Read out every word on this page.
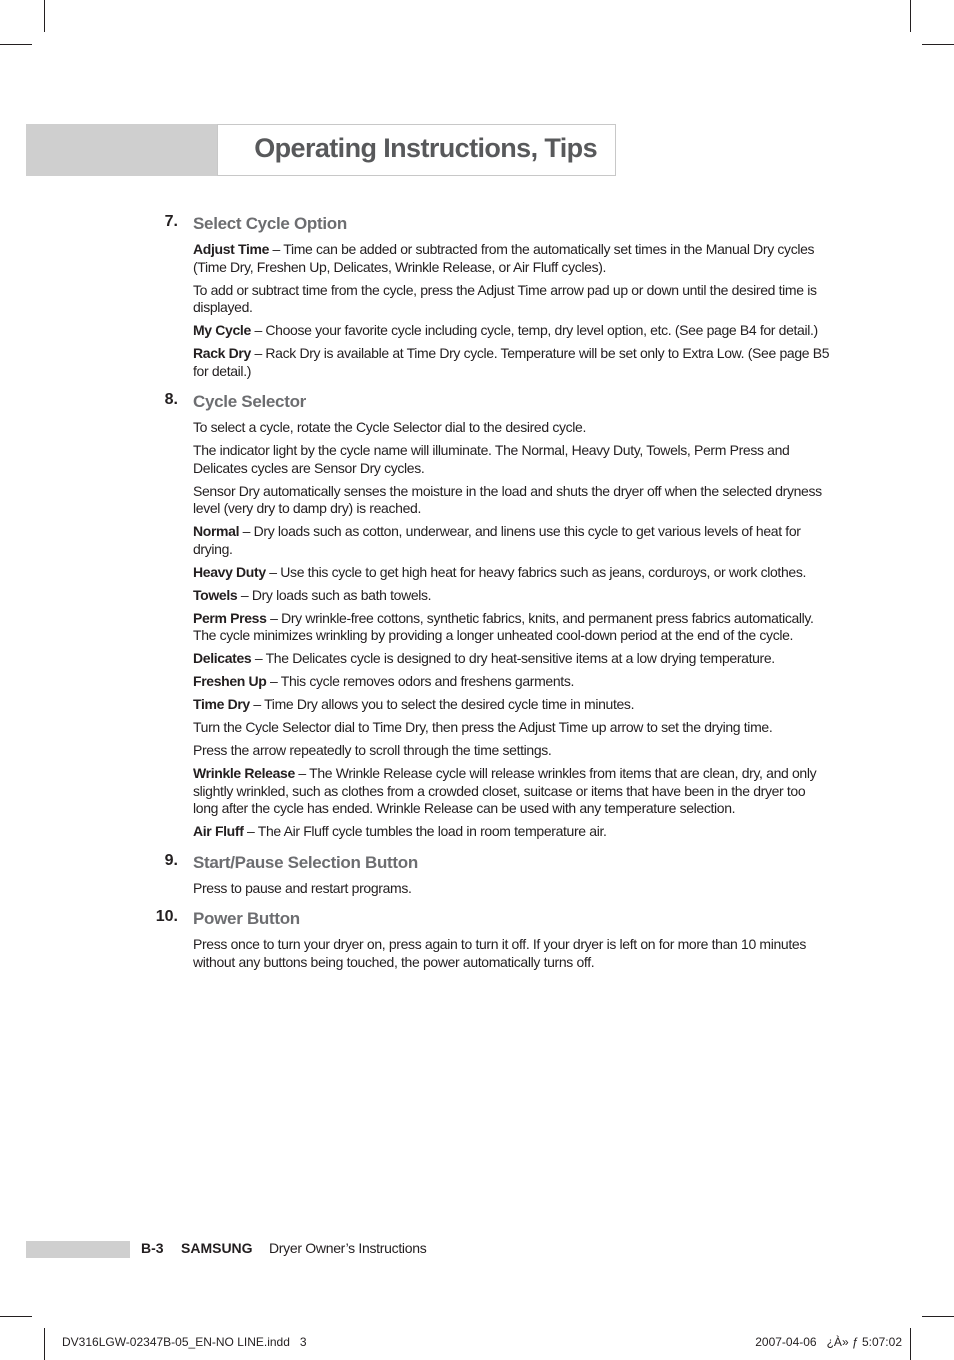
Operating Instructions, Tips
7. Select Cycle Option
Adjust Time – Time can be added or subtracted from the automatically set times in the Manual Dry cycles (Time Dry, Freshen Up, Delicates, Wrinkle Release, or Air Fluff cycles).
To add or subtract time from the cycle, press the Adjust Time arrow pad up or down until the desired time is displayed.
My Cycle – Choose your favorite cycle including cycle, temp, dry level option, etc. (See page B4 for detail.)
Rack Dry – Rack Dry is available at Time Dry cycle. Temperature will be set only to Extra Low. (See page B5 for detail.)
8. Cycle Selector
To select a cycle, rotate the Cycle Selector dial to the desired cycle.
The indicator light by the cycle name will illuminate. The Normal, Heavy Duty, Towels, Perm Press and Delicates cycles are Sensor Dry cycles.
Sensor Dry automatically senses the moisture in the load and shuts the dryer off when the selected dryness level (very dry to damp dry) is reached.
Normal – Dry loads such as cotton, underwear, and linens use this cycle to get various levels of heat for drying.
Heavy Duty – Use this cycle to get high heat for heavy fabrics such as jeans, corduroys, or work clothes.
Towels – Dry loads such as bath towels.
Perm Press – Dry wrinkle-free cottons, synthetic fabrics, knits, and permanent press fabrics automatically. The cycle minimizes wrinkling by providing a longer unheated cool-down period at the end of the cycle.
Delicates – The Delicates cycle is designed to dry heat-sensitive items at a low drying temperature.
Freshen Up – This cycle removes odors and freshens garments.
Time Dry – Time Dry allows you to select the desired cycle time in minutes.
Turn the Cycle Selector dial to Time Dry, then press the Adjust Time up arrow to set the drying time.
Press the arrow repeatedly to scroll through the time settings.
Wrinkle Release – The Wrinkle Release cycle will release wrinkles from items that are clean, dry, and only slightly wrinkled, such as clothes from a crowded closet, suitcase or items that have been in the dryer too long after the cycle has ended. Wrinkle Release can be used with any temperature selection.
Air Fluff – The Air Fluff cycle tumbles the load in room temperature air.
9. Start/Pause Selection Button
Press to pause and restart programs.
10. Power Button
Press once to turn your dryer on, press again to turn it off. If your dryer is left on for more than 10 minutes without any buttons being touched, the power automatically turns off.
B-3 SAMSUNG Dryer Owner’s Instructions
DV316LGW-02347B-05_EN-NO LINE.indd   3	2007-04-06   ¿À» ƒ 5:07:02
